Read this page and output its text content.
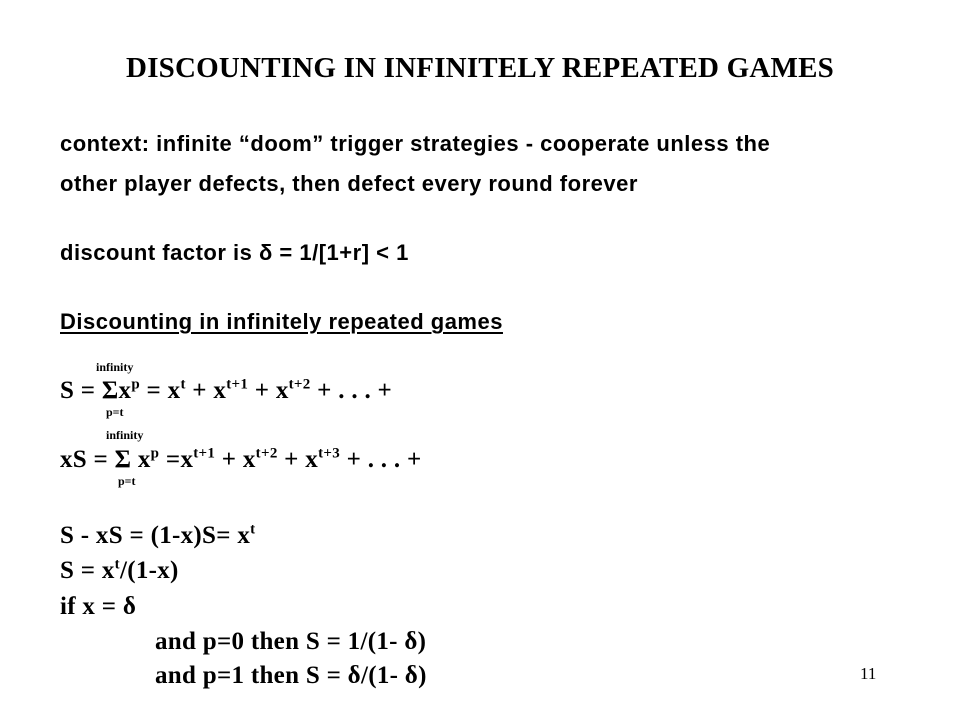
DISCOUNTING IN INFINITELY REPEATED GAMES
context: infinite “doom” trigger strategies - cooperate unless the
other player defects, then defect every round forever
discount factor is δ = 1/[1+r] < 1
Discounting in infinitely repeated games
infinity
$S = \Sigma x^p = x^t + x^{t+1} + x^{t+2}$ + . . . +
p=t
infinity
xS = Σ $x^p =x^{t+1} + x^{t+2} + x^{t+3}$ + . . . +
p=t
S - xS = $(1-x)S= x^t$
$S = x^t/(1-x)$
if x = δ
and p=0 then S = 1/(1- δ)
and p=1 then S = δ/(1- δ)	11
